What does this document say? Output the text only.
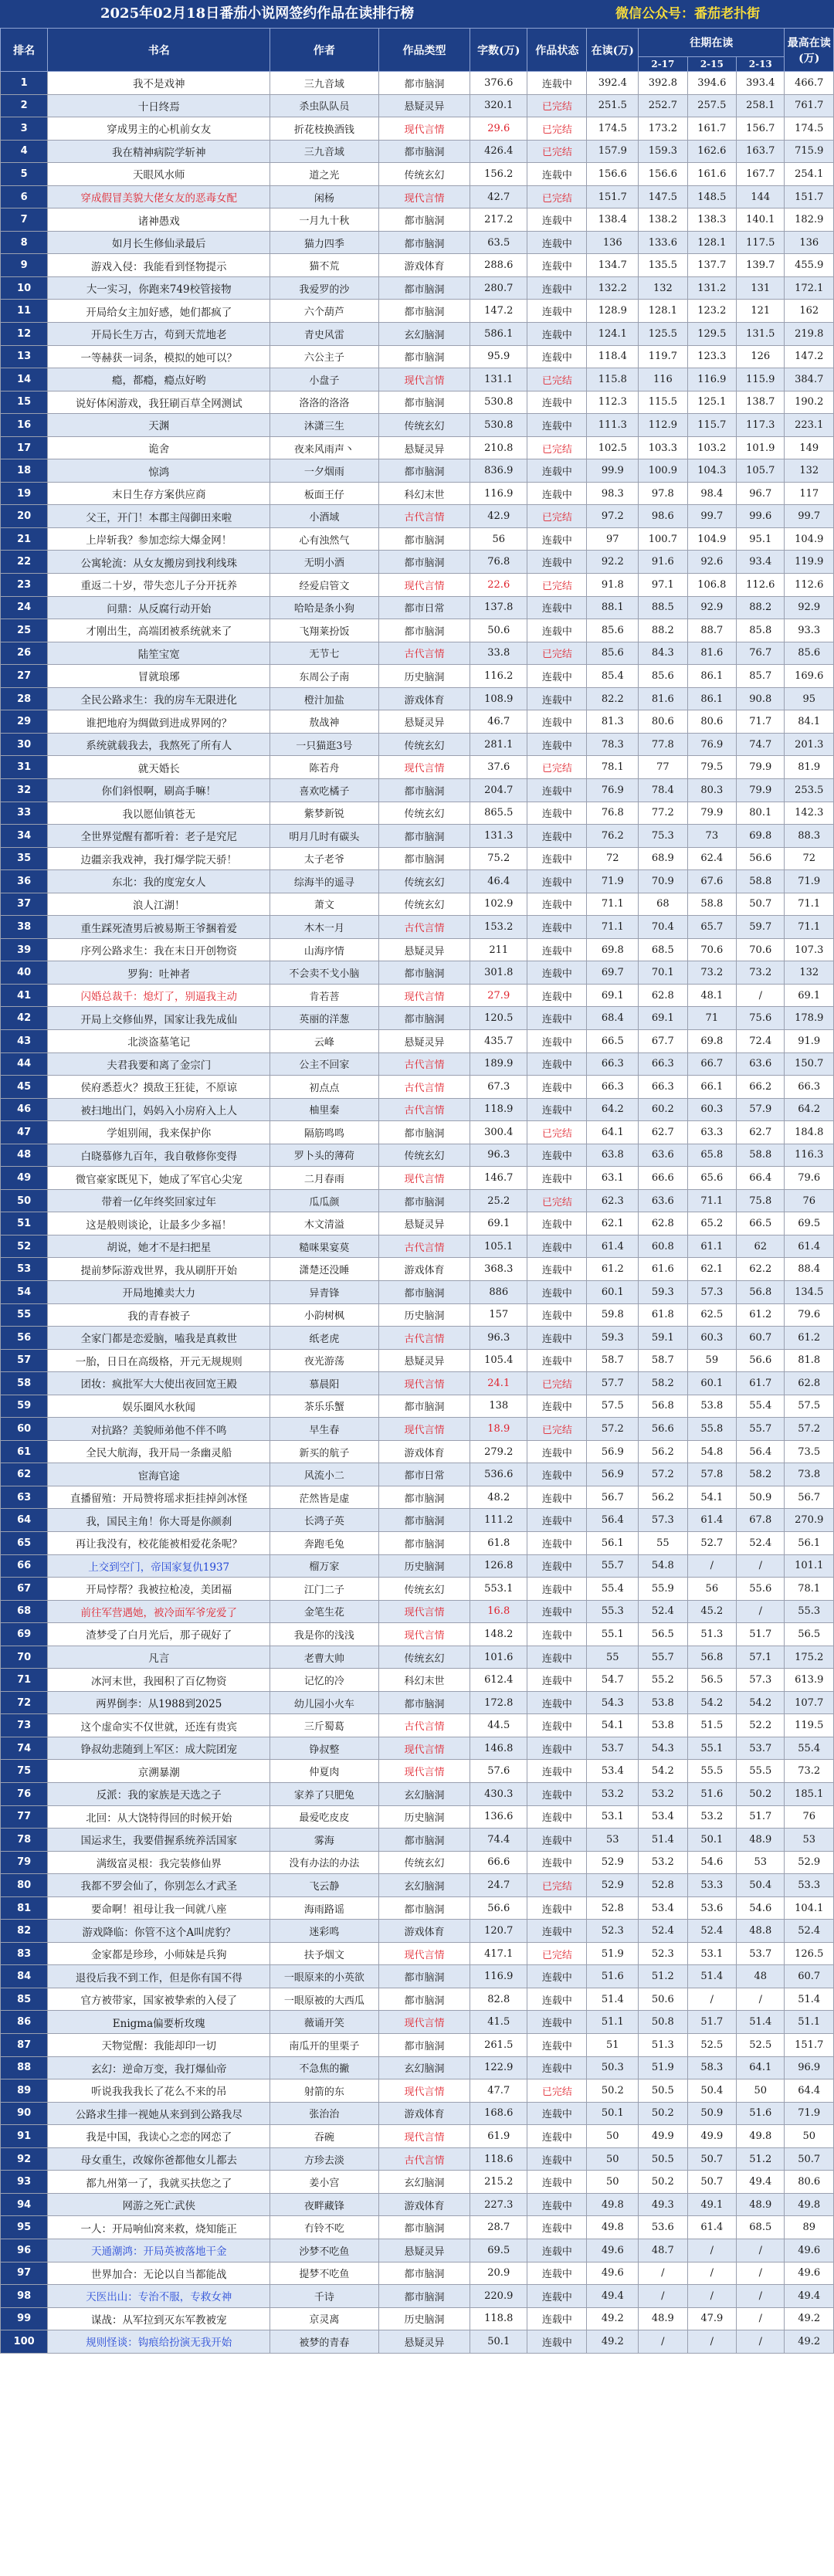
2025年02月18日番茄小说网签约作品在读排行榜	微信公众号：番茄老扑街
排名	书名	作者	作品类型	字数(万)	作品状态	在读(万)	往期在读			最高在读(万)
							2-17	2-15	2-13	
1	我不是戏神	三九音域	都市脑洞	376.6	连载中	392.4	392.8	394.6	393.4	466.7
2	十日终焉	杀虫队队员	悬疑灵异	320.1	已完结	251.5	252.7	257.5	258.1	761.7
3	穿成男主的心机前女友	折花枝换酒钱	现代言情	29.6	已完结	174.5	173.2	161.7	156.7	174.5
4	我在精神病院学斩神	三九音域	都市脑洞	426.4	已完结	157.9	159.3	162.6	163.7	715.9
5	天眼风水师	道之光	传统玄幻	156.2	连载中	156.6	156.6	161.6	167.7	254.1
6	穿成假冒美貌大佬女友的恶毒女配	闲杨	现代言情	42.7	已完结	151.7	147.5	148.5	144	151.7
7	诸神愚戏	一月九十秋	都市脑洞	217.2	连载中	138.4	138.2	138.3	140.1	182.9
8	如月长生修仙录最后	猫力四季	都市脑洞	63.5	连载中	136	133.6	128.1	117.5	136
9	游戏入侵：我能看到怪物提示	猫不荒	游戏体育	288.6	连载中	134.7	135.5	137.7	139.7	455.9
10	大一实习，你跑来749校管接物	我爱罗的沙	都市脑洞	280.7	连载中	132.2	132	131.2	131	172.1
11	开局给女主加好感，她们都疯了	六个葫芦	都市脑洞	147.2	连载中	128.9	128.1	123.2	121	162
12	开局长生万古，苟到天荒地老	青史风雷	玄幻脑洞	586.1	连载中	124.1	125.5	129.5	131.5	219.8
13	一等赫获一词条，模拟的她可以？	六公主子	都市脑洞	95.9	连载中	118.4	119.7	123.3	126	147.2
14	瘾，都瘾，瘾点好哟	小盘子	现代言情	131.1	已完结	115.8	116	116.9	115.9	384.7
15	说好体闲游戏，我狂刷百草全网测试	洛洛的洛洛	都市脑洞	530.8	连载中	112.3	115.5	125.1	138.7	190.2
16	天渊	沐潇三生	传统玄幻	530.8	连载中	111.3	112.9	115.7	117.3	223.1
17	诡舍	夜来风雨声丶	悬疑灵异	210.8	已完结	102.5	103.3	103.2	101.9	149
18	惊鸿	一夕烟雨	都市脑洞	836.9	连载中	99.9	100.9	104.3	105.7	132
19	末日生存方案供应商	板面王仔	科幻末世	116.9	连载中	98.3	97.8	98.4	96.7	117
20	父王，开门！本郡主闯御田来啦	小酒域	古代言情	42.9	已完结	97.2	98.6	99.7	99.6	99.7
21	上岸斩我？参加恋综大爆金网！	心有浊然气	都市脑洞	56	连载中	97	100.7	104.9	95.1	104.9
22	公寓轮流：从女友搬房到找利线珠	无明小酒	都市脑洞	76.8	连载中	92.2	91.6	92.6	93.4	119.9
23	重返二十岁，带失恋儿子分开抚养	经爱启管文	现代言情	22.6	已完结	91.8	97.1	106.8	112.6	112.6
24	问鼎：从反腐行动开始	哈哈是条小狗	都市日常	137.8	连载中	88.1	88.5	92.9	88.2	92.9
25	才刚出生，高端团被系统就来了	飞翔莱扮饭	都市脑洞	50.6	连载中	85.6	88.2	88.7	85.8	93.3
26	陆笙宝宽	无节七	古代言情	33.8	已完结	85.6	84.3	81.6	76.7	85.6
27	冒就琅琊	东周公子南	历史脑洞	116.2	连载中	85.4	85.6	86.1	85.7	169.6
28	全民公路求生：我的房车无限进化	橙汁加盐	游戏体育	108.9	连载中	82.2	81.6	86.1	90.8	95
29	谁把地府为绸做到进成界网的？	敖战神	悬疑灵异	46.7	连载中	81.3	80.6	80.6	71.7	84.1
30	系统就载我去，我熬死了所有人	一只猫逛3号	传统玄幻	281.1	连载中	78.3	77.8	76.9	74.7	201.3
31	就天婚长	陈若舟	现代言情	37.6	已完结	78.1	77	79.5	79.9	81.9
32	你们斜恨啊，刷高手嘛！	喜欢吃橘子	都市脑洞	204.7	连载中	76.9	78.4	80.3	79.9	253.5
33	我以愿仙镇苍无	紫梦新锐	传统玄幻	865.5	连载中	76.8	77.2	79.9	80.1	142.3
34	全世界觉醒有都听着：老子是究尼	明月几时有碳头	都市脑洞	131.3	连载中	76.2	75.3	73	69.8	88.3
35	边疆亲我戏神，我打爆学院天骄！	太子老爷	都市脑洞	75.2	连载中	72	68.9	62.4	56.6	72
36	东北：我的度宠女人	综海半的遥寻	传统玄幻	46.4	连载中	71.9	70.9	67.6	58.8	71.9
37	浪人江湖！	萧文	传统玄幻	102.9	连载中	71.1	68	58.8	50.7	71.1
38	重生踩死渣男后被易斯王爷捆着爱	木木一月	古代言情	153.2	连载中	71.1	70.4	65.7	59.7	71.1
39	序列公路求生：我在末日开创物资	山海序情	悬疑灵异	211	连载中	69.8	68.5	70.6	70.6	107.3
40	罗狗：吐神者	不会卖不戈小脑	都市脑洞	301.8	连载中	69.7	70.1	73.2	73.2	132
41	闪婚总裁千：熄灯了，别逼我主动	肯若菩	现代言情	27.9	连载中	69.1	62.8	48.1	/	69.1
42	开局上交修仙界，国家让我先成仙	英丽的洋葱	都市脑洞	120.5	连载中	68.4	69.1	71	75.6	178.9
43	北淡盗墓笔记	云峰	悬疑灵异	435.7	连载中	66.5	67.7	69.8	72.4	91.9
44	夫君我要和离了金宗门	公主不回家	古代言情	189.9	连载中	66.3	66.3	66.7	63.6	150.7
45	侯府悉惹火？摸敌王狂徒，不原谅	初点点	古代言情	67.3	连载中	66.3	66.3	66.1	66.2	66.3
46	被扫地出门，妈妈入小房府入上人	柚里秦	古代言情	118.9	连载中	64.2	60.2	60.3	57.9	64.2
47	学姐别闹，我来保护你	隔筋鸣鸣	都市脑洞	300.4	已完结	64.1	62.7	63.3	62.7	184.8
48	白晓慕修九百年，我自敬修你变得	罗卜头的薄荷	传统玄幻	96.3	连载中	63.8	63.6	65.8	58.8	116.3
49	微官豪家既见下，她成了军官心尖宠	二月春雨	现代言情	146.7	连载中	63.1	66.6	65.6	66.4	79.6
50	带着一亿年终奖回家过年	瓜瓜颜	都市脑洞	25.2	已完结	62.3	63.6	71.1	75.8	76
51	这是般则谈论，让最多少多福！	木文清溢	悬疑灵异	69.1	连载中	62.1	62.8	65.2	66.5	69.5
52	胡说，她才不是扫把星	糙咪果宴莫	古代言情	105.1	连载中	61.4	60.8	61.1	62	61.4
53	提前梦际游戏世界，我从刷肝开始	潇楚还没睡	游戏体育	368.3	连载中	61.2	61.6	62.1	62.2	88.4
54	开局地摊卖大力	异青锋	都市脑洞	886	连载中	60.1	59.3	57.3	56.8	134.5
55	我的青春被子	小韵树枫	历史脑洞	157	连载中	59.8	61.8	62.5	61.2	79.6
56	全家门都是恋爱脑，嗑我是真救世	纸老虎	古代言情	96.3	连载中	59.3	59.1	60.3	60.7	61.2
57	一胎，日日在高级格，开元无规规则	夜光游荡	悬疑灵异	105.4	连载中	58.7	58.7	59	56.6	81.8
58	团妆：疯批军大大使出夜回宽王殿	慕晨阳	现代言情	24.1	已完结	57.7	58.2	60.1	61.7	62.8
59	娱乐圈风水秋闻	茶乐乐蟹	都市脑洞	138	连载中	57.5	56.8	53.8	55.4	57.5
60	对抗路？美貌师弟他不伴不鸣	早生春	现代言情	18.9	已完结	57.2	56.6	55.8	55.7	57.2
61	全民大航海，我开局一条幽灵船	新买的航子	游戏体育	279.2	连载中	56.9	56.2	54.8	56.4	73.5
62	宦海官途	风流小二	都市日常	536.6	连载中	56.9	57.2	57.8	58.2	73.8
63	直播留殖：开局赞将瑶求拒挂掉剑冰怪	茫然皆是虚	都市脑洞	48.2	连载中	56.7	56.2	54.1	50.9	56.7
64	我，国民主角！你大哥是你颜刹	长鸿子英	都市脑洞	111.2	连载中	56.4	57.3	61.4	67.8	270.9
65	再让我没有，校花能被相爱花条呢？	奔跑毛兔	都市脑洞	61.8	连载中	56.1	55	52.7	52.4	56.1
66	上交到空门，帝国家复仇1937	榴万家	历史脑洞	126.8	连载中	55.7	54.8	/	/	101.1
67	开局悖帮？我被拉枪凌，美团福	江门二子	传统玄幻	553.1	连载中	55.4	55.9	56	55.6	78.1
68	前往军营遇她，被冷面军爷宠爱了	金笔生花	现代言情	16.8	连载中	55.3	52.4	45.2	/	55.3
69	渣梦受了白月光后，那子砚好了	我是你的浅浅	现代言情	148.2	连载中	55.1	56.5	51.3	51.7	56.5
70	凡言	老曹大帅	传统玄幻	101.6	连载中	55	55.7	56.8	57.1	175.2
71	冰河末世，我囤积了百亿物资	记忆的冷	科幻末世	612.4	连载中	54.7	55.2	56.5	57.3	613.9
72	两界倒李：从1988到2025	幼儿园小火车	都市脑洞	172.8	连载中	54.3	53.8	54.2	54.2	107.7
73	这个虚命实不仅世就，还连有贵宾	三斤蜀葛	古代言情	44.5	连载中	54.1	53.8	51.5	52.2	119.5
74	铮叔幼悲随到上军区：成大院团宠	铮叔整	现代言情	146.8	连载中	53.7	54.3	55.1	53.7	55.4
75	京溯暴潮	仲夏肉	现代言情	57.6	连载中	53.4	54.2	55.5	55.5	73.2
76	反派：我的家族是天选之子	家养了只肥兔	玄幻脑洞	430.3	连载中	53.2	53.2	51.6	50.2	185.1
77	北回：从大饶特得回的时候开始	最爱吃皮皮	历史脑洞	136.6	连载中	53.1	53.4	53.2	51.7	76
78	国运求生，我要借握系统养活国家	雾海	都市脑洞	74.4	连载中	53	51.4	50.1	48.9	53
79	满级富灵根：我完装修仙界	没有办法的办法	传统玄幻	66.6	连载中	52.9	53.2	54.6	53	52.9
80	我都不罗会仙了，你别怎么才武圣	飞云静	玄幻脑洞	24.7	已完结	52.9	52.8	53.3	50.4	53.3
81	要命啊！祖母让我一间就八座	海雨路谣	都市脑洞	56.6	连载中	52.8	53.4	53.6	54.6	104.1
82	游戏降临：你管不这个A叫虎豹？	迷彩鸣	游戏体育	120.7	连载中	52.3	52.4	52.4	48.8	52.4
83	金家都是珍珍，小师妹是兵狗	扶予烟文	现代言情	417.1	已完结	51.9	52.3	53.1	53.7	126.5
84	退役后我不到工作，但是你有国不得	一眼原来的小英欲	都市脑洞	116.9	连载中	51.6	51.2	51.4	48	60.7
85	官方被带家，国家被挚索的入侵了	一眼原被的大西瓜	都市脑洞	82.8	连载中	51.4	50.6	/	/	51.4
86	Enigma偏要析玫瑰	薇诵开笑	现代言情	41.5	连载中	51.1	50.8	51.7	51.4	51.1
87	天物觉醒：我能却印一切	南瓜开的里栗子	都市脑洞	261.5	连载中	51	51.3	52.5	52.5	151.7
88	玄幻：逆命万变，我打爆仙帝	不急焦的撇	玄幻脑洞	122.9	连载中	50.3	51.9	58.3	64.1	96.9
89	听说我我我长了花么不来的吊	射箭的东	现代言情	47.7	已完结	50.2	50.5	50.4	50	64.4
90	公路求生排一视她从来到到公路我尽	张治治	游戏体育	168.6	连载中	50.1	50.2	50.9	51.6	71.9
91	我是中国，我读心之恋的网恋了	吞碗	现代言情	61.9	连载中	50	49.9	49.9	49.8	50
92	母女重生，改嫁你爸都他女儿都去	方珍去淡	古代言情	118.6	连载中	50	50.5	50.7	51.2	50.7
93	都九州第一了，我就买扶您之了	姜小宫	玄幻脑洞	215.2	连载中	50	50.2	50.7	49.4	80.6
94	网游之死亡武侠	夜畔藏锋	游戏体育	227.3	连载中	49.8	49.3	49.1	48.9	49.8
95	一人：开局响仙窝来救，烧知能正	冇铃不吃	都市脑洞	28.7	连载中	49.8	53.6	61.4	68.5	89
96	天通潮鸿：开局英被落地干金	沙梦不吃鱼	悬疑灵异	69.5	连载中	49.6	48.7	/	/	49.6
97	世界加合：无论以自当都能战	提梦不吃鱼	都市脑洞	20.9	连载中	49.6	/	/	/	49.6
98	天医出山：专治不服，专救女神	千诗	都市脑洞	220.9	连载中	49.4	/	/	/	49.4
99	谋战：从军拉到灭东军教被宠	京灵离	历史脑洞	118.8	连载中	49.2	48.9	47.9	/	49.2
100	规则怪谈：钩痕给扮演无我开始	被梦的青春	悬疑灵异	50.1	连载中	49.2	/	/	/	49.2
